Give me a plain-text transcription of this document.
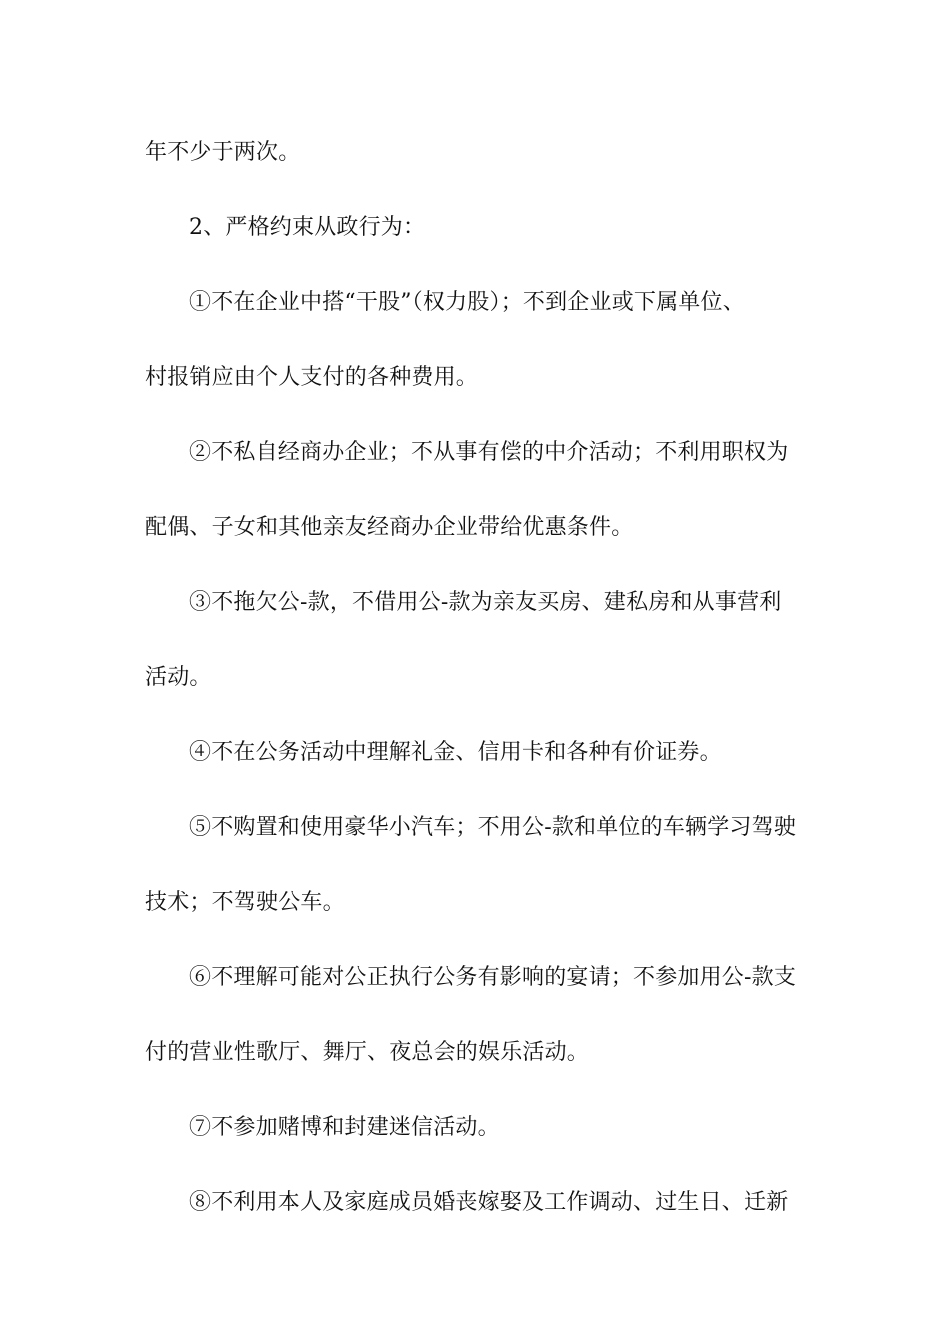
年不少于两次。
2、严格约束从政行为：
①不在企业中搭“干股”（权力股）；不到企业或下属单位、
村报销应由个人支付的各种费用。
②不私自经商办企业；不从事有偿的中介活动；不利用职权为
配偶、子女和其他亲友经商办企业带给优惠条件。
③不拖欠公-款，不借用公-款为亲友买房、建私房和从事营利
活动。
④不在公务活动中理解礼金、信用卡和各种有价证券。
⑤不购置和使用豪华小汽车；不用公-款和单位的车辆学习驾驶
技术；不驾驶公车。
⑥不理解可能对公正执行公务有影响的宴请；不参加用公-款支
付的营业性歌厅、舞厅、夜总会的娱乐活动。
⑦不参加赌博和封建迷信活动。
⑧不利用本人及家庭成员婚丧嫁娶及工作调动、过生日、迁新
